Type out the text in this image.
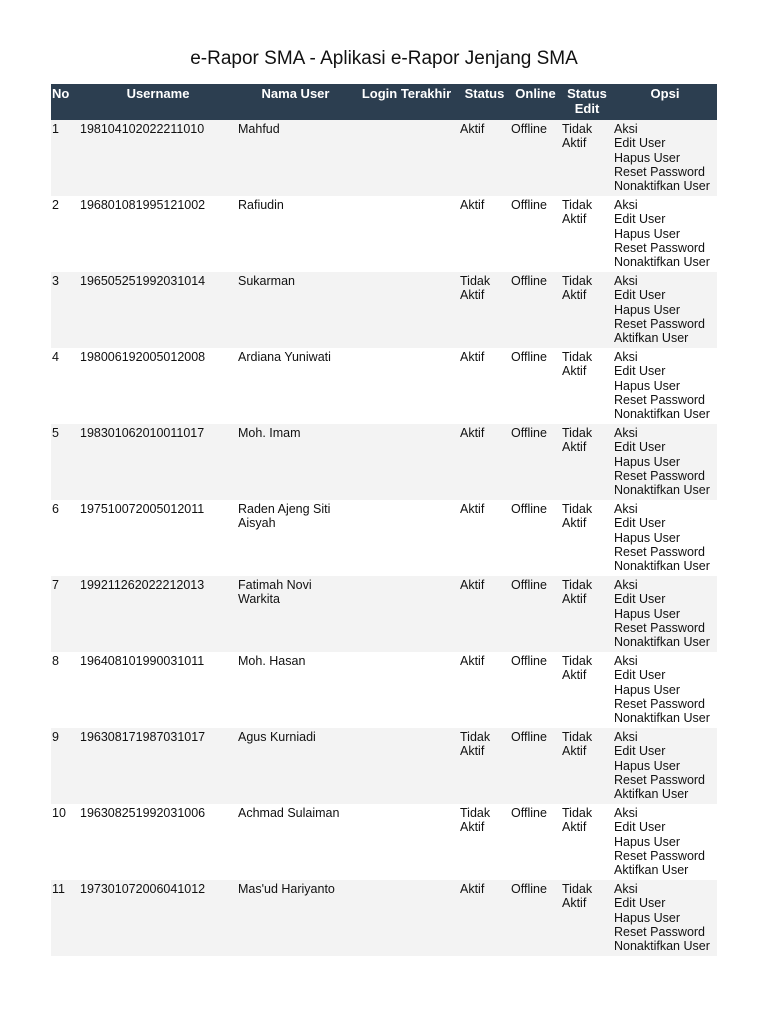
e-Rapor SMA - Aplikasi e-Rapor Jenjang SMA
No	Username	Nama User	Login Terakhir	Status	Online	Status Edit	Opsi
1	198104102022211010	Mahfud		Aktif	Offline	Tidak Aktif	Aksi
Edit User
Hapus User
Reset Password
Nonaktifkan User

2	196801081995121002	Rafiudin		Aktif	Offline	Tidak Aktif	Aksi
Edit User
Hapus User
Reset Password
Nonaktifkan User

3	196505251992031014	Sukarman		Tidak Aktif	Offline	Tidak Aktif	Aksi
Edit User
Hapus User
Reset Password
Aktifkan User

4	198006192005012008	Ardiana Yuniwati		Aktif	Offline	Tidak Aktif	Aksi
Edit User
Hapus User
Reset Password
Nonaktifkan User

5	198301062010011017	Moh. Imam		Aktif	Offline	Tidak Aktif	Aksi
Edit User
Hapus User
Reset Password
Nonaktifkan User

6	197510072005012011	Raden Ajeng Siti Aisyah		Aktif	Offline	Tidak Aktif	Aksi
Edit User
Hapus User
Reset Password
Nonaktifkan User

7	199211262022212013	Fatimah Novi Warkita		Aktif	Offline	Tidak Aktif	Aksi
Edit User
Hapus User
Reset Password
Nonaktifkan User

8	196408101990031011	Moh. Hasan		Aktif	Offline	Tidak Aktif	Aksi
Edit User
Hapus User
Reset Password
Nonaktifkan User

9	196308171987031017	Agus Kurniadi		Tidak Aktif	Offline	Tidak Aktif	Aksi
Edit User
Hapus User
Reset Password
Aktifkan User

10	196308251992031006	Achmad Sulaiman		Tidak Aktif	Offline	Tidak Aktif	Aksi
Edit User
Hapus User
Reset Password
Aktifkan User

11	197301072006041012	Mas'ud Hariyanto		Aktif	Offline	Tidak Aktif	Aksi
Edit User
Hapus User
Reset Password
Nonaktifkan User
